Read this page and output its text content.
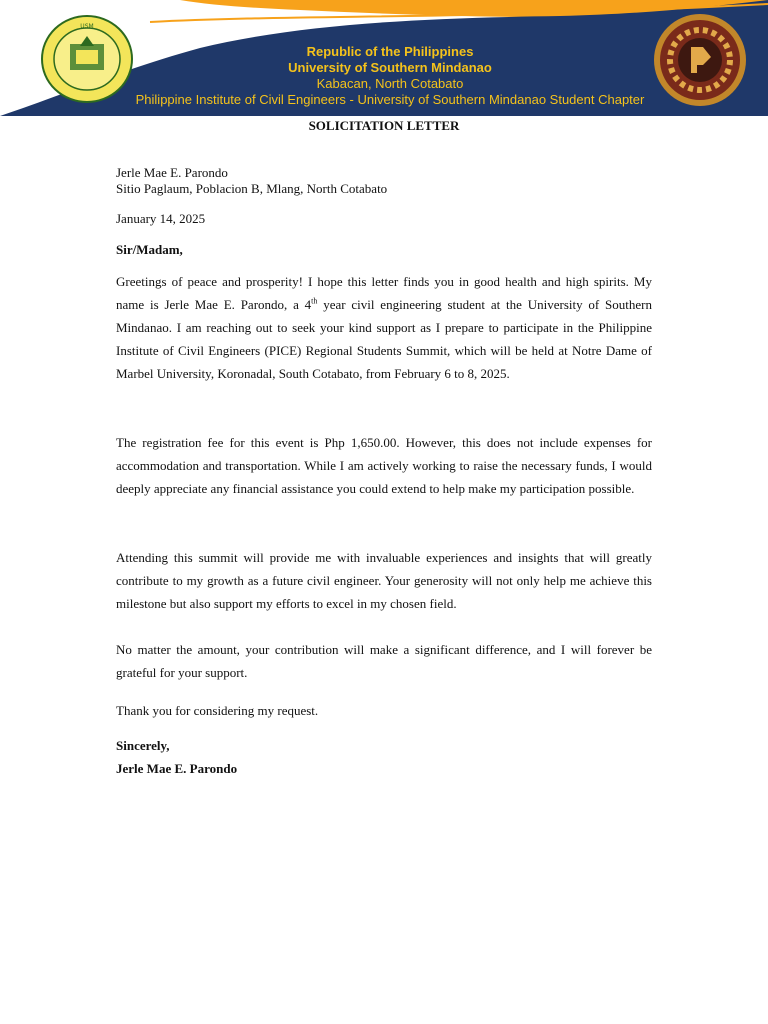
USM
Republic of the Philippines
University of Southern Mindanao
Kabacan, North Cotabato
Philippine Institute of Civil Engineers - University of Southern Mindanao Student Chapter
SOLICITATION LETTER
Jerle Mae E. Parondo
Sitio Paglaum, Poblacion B, Mlang, North Cotabato
January 14, 2025
Sir/Madam,

Greetings of peace and prosperity! I hope this letter finds you in good health and high spirits. My name is Jerle Mae E. Parondo, a 4th year civil engineering student at the University of Southern Mindanao. I am reaching out to seek your kind support as I prepare to participate in the Philippine Institute of Civil Engineers (PICE) Regional Students Summit, which will be held at Notre Dame of Marbel University, Koronadal, South Cotabato, from February 6 to 8, 2025.

The registration fee for this event is Php 1,650.00. However, this does not include expenses for accommodation and transportation. While I am actively working to raise the necessary funds, I would deeply appreciate any financial assistance you could extend to help make my participation possible.

Attending this summit will provide me with invaluable experiences and insights that will greatly contribute to my growth as a future civil engineer. Your generosity will not only help me achieve this milestone but also support my efforts to excel in my chosen field.

No matter the amount, your contribution will make a significant difference, and I will forever be grateful for your support.

Thank you for considering my request.
Sincerely,
Jerle Mae E. Parondo
